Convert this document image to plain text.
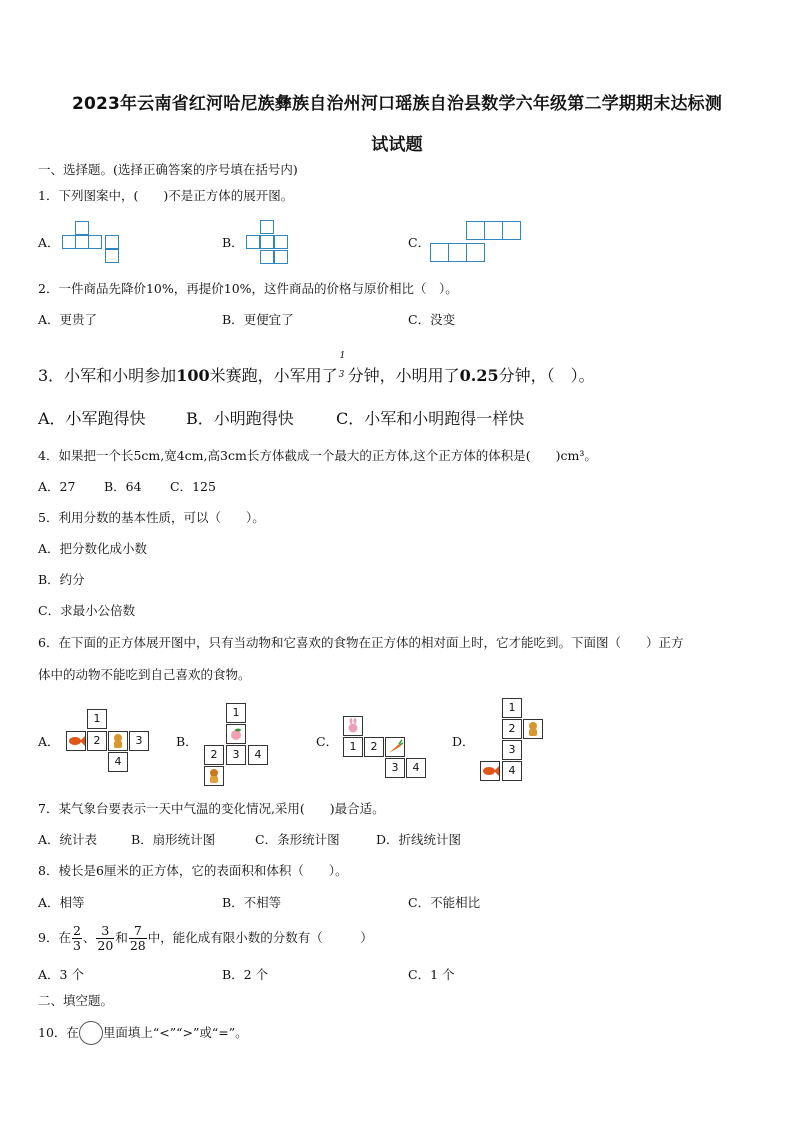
2023年云南省红河哈尼族彝族自治州河口瑶族自治县数学六年级第二学期期末达标测
试试题
一、选择题。(选择正确答案的序号填在括号内)
1．下列图案中，(　　)不是正方体的展开图。
A．	B．	C．
2．一件商品先降价10%，再提价10%，这件商品的价格与原价相比（　）。
A．更贵了	B．更便宜了	C．没变
3．小军和小明参加100米赛跑，小军用了
1
3 分钟，小明用了0.25分钟，（　）。
A．小军跑得快	B．小明跑得快	C．小军和小明跑得一样快
4．如果把一个长5cm,宽4cm,高3cm长方体截成一个最大的正方体,这个正方体的体积是(　　)cm³。
A．27 B．64 C．125
5．利用分数的基本性质，可以（　　）。
A．把分数化成小数
B．约分
C．求最小公倍数
6．在下面的正方体展开图中，只有当动物和它喜欢的食物在正方体的相对面上时，它才能吃到。下面图（　　）正方
体中的动物不能吃到自己喜欢的食物。
A．
1
2	3
4
B．
1
2	3	4
C．	1	2
3	4
D．
1
2
3
4
7．某气象台要表示一天中气温的变化情况,采用(　　)最合适。
A．统计表	B．扇形统计图	C．条形统计图	D．折线统计图
8．棱长是6厘米的正方体，它的表面积和体积（　　）。
A．相等	B．不相等	C．不能相比
9．在 $\frac{2}{3}$ 、 $\frac{3}{20}$ 和 $\frac{7}{28}$ 中，能化成有限小数的分数有（　　　）
A．3 个	B．2 个	C．1 个
二、填空题。
10．在 里面填上“<”“>”或“=”。
